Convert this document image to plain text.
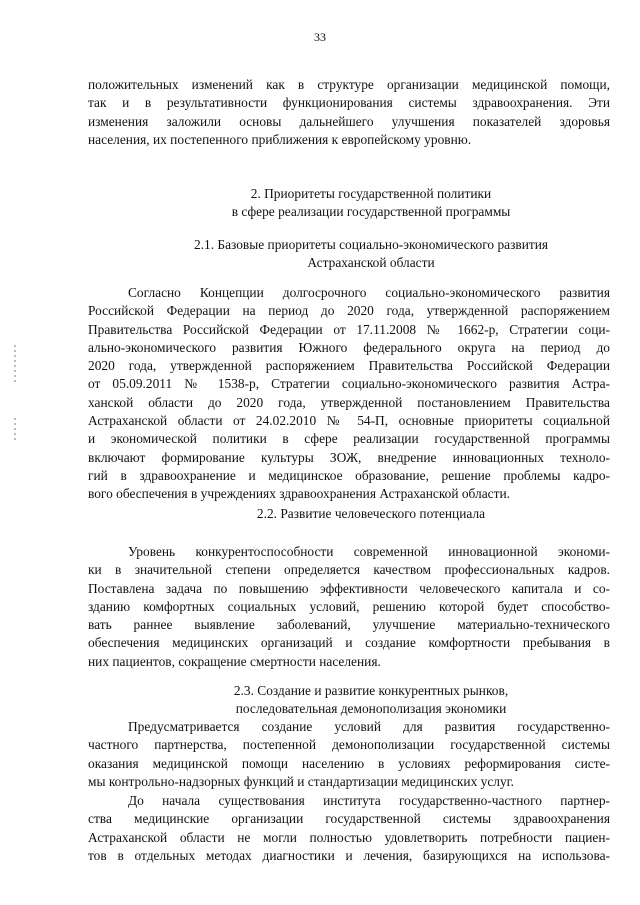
33
положительных изменений как в структуре организации медицинской помощи,
так и в результативности функционирования системы здравоохранения. Эти
изменения заложили основы дальнейшего улучшения показателей здоровья
населения, их постепенного приближения к европейскому уровню.
2. Приоритеты государственной политики
в сфере реализации государственной программы
2.1. Базовые приоритеты социально-экономического развития
Астраханской области
Согласно Концепции долгосрочного социально-экономического развития
Российской Федерации на период до 2020 года, утвержденной распоряжением
Правительства Российской Федерации от 17.11.2008 № 1662-р, Стратегии соци-
ально-экономического развития Южного федерального округа на период до
2020 года, утвержденной распоряжением Правительства Российской Федерации
от 05.09.2011 № 1538-р, Стратегии социально-экономического развития Астра-
ханской области до 2020 года, утвержденной постановлением Правительства
Астраханской области от 24.02.2010 № 54-П, основные приоритеты социальной
и экономической политики в сфере реализации государственной программы
включают формирование культуры ЗОЖ, внедрение инновационных техноло-
гий в здравоохранение и медицинское образование, решение проблемы кадро-
вого обеспечения в учреждениях здравоохранения Астраханской области.
2.2. Развитие человеческого потенциала
Уровень конкурентоспособности современной инновационной экономи-
ки в значительной степени определяется качеством профессиональных кадров.
Поставлена задача по повышению эффективности человеческого капитала и со-
зданию комфортных социальных условий, решению которой будет способство-
вать раннее выявление заболеваний, улучшение материально-технического
обеспечения медицинских организаций и создание комфортности пребывания в
них пациентов, сокращение смертности населения.
2.3. Создание и развитие конкурентных рынков,
последовательная демонополизация экономики
Предусматривается создание условий для развития государственно-
частного партнерства, постепенной демонополизации государственной системы
оказания медицинской помощи населению в условиях реформирования систе-
мы контрольно-надзорных функций и стандартизации медицинских услуг.
До начала существования института государственно-частного партнер-
ства медицинские организации государственной системы здравоохранения
Астраханской области не могли полностью удовлетворить потребности пациен-
тов в отдельных методах диагностики и лечения, базирующихся на использова-
